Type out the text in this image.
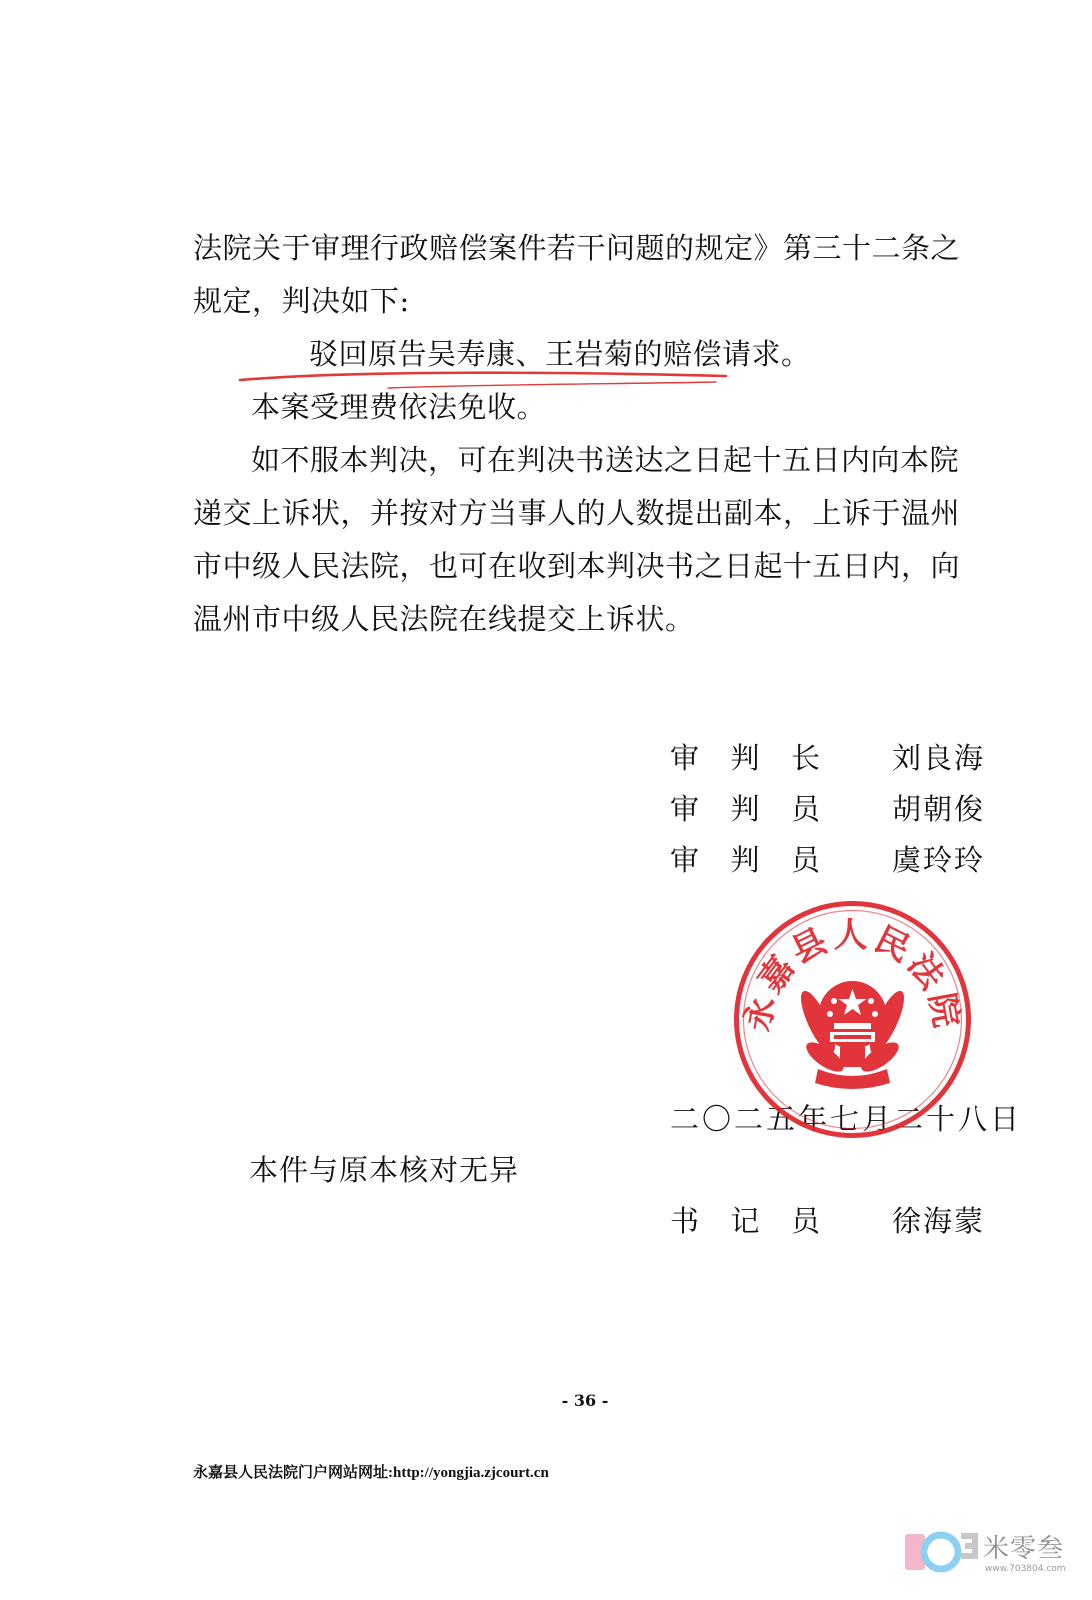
法院关于审理行政赔偿案件若干问题的规定》第三十二条之规定，判决如下:

驳回原告吴寿康、王岩菊的赔偿请求。

本案受理费依法免收。

如不服本判决，可在判决书送达之日起十五日内向本院递交上诉状，并按对方当事人的人数提出副本，上诉于温州市中级人民法院，也可在收到本判决书之日起十五日内，向温州市中级人民法院在线提交上诉状。

审 判 长 刘良海
审 判 员 胡朝俊
审 判 员 虞玲玲
二〇二五年七月二十八日
永嘉县人民法院
本件与原本核对无异
书 记 员 徐海蒙
- 36 -
永嘉县人民法院门户网站网址:http://yongjia.zjcourt.cn
米零叁
www.703804.com
